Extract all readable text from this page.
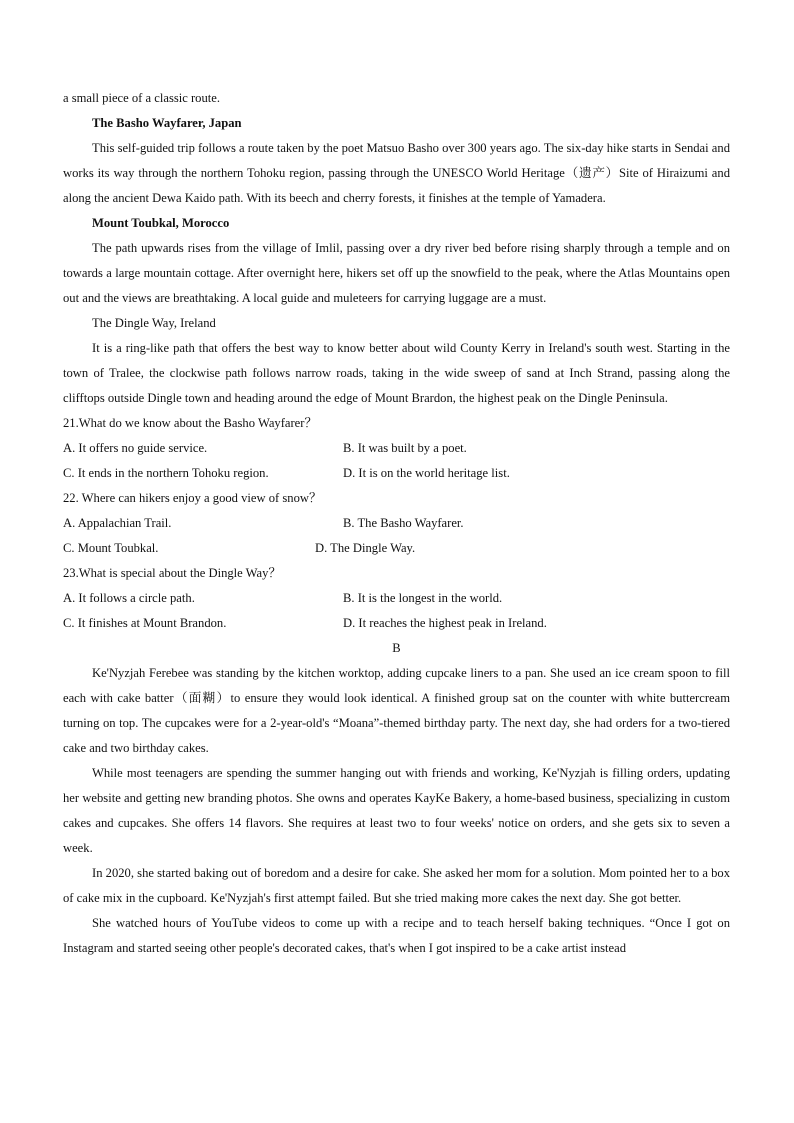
a small piece of a classic route.

The Basho Wayfarer, Japan

This self-guided trip follows a route taken by the poet Matsuo Basho over 300 years ago. The six-day hike starts in Sendai and works its way through the northern Tohoku region, passing through the UNESCO World Heritage（遗产）Site of Hiraizumi and along the ancient Dewa Kaido path. With its beech and cherry forests, it finishes at the temple of Yamadera.

Mount Toubkal, Morocco

The path upwards rises from the village of Imlil, passing over a dry river bed before rising sharply through a temple and on towards a large mountain cottage. After overnight here, hikers set off up the snowfield to the peak, where the Atlas Mountains open out and the views are breathtaking. A local guide and muleteers for carrying luggage are a must.

The Dingle Way, Ireland

It is a ring-like path that offers the best way to know better about wild County Kerry in Ireland's south west. Starting in the town of Tralee, the clockwise path follows narrow roads, taking in the wide sweep of sand at Inch Strand, passing along the clifftops outside Dingle town and heading around the edge of Mount Brardon, the highest peak on the Dingle Peninsula.

21.What do we know about the Basho Wayfarer？

A. It offers no guide service.	B. It was built by a poet.
C. It ends in the northern Tohoku region.	D. It is on the world heritage list.

22. Where can hikers enjoy a good view of snow？

A. Appalachian Trail.	B. The Basho Wayfarer.
C. Mount Toubkal.	D. The Dingle Way.

23.What is special about the Dingle Way？

A. It follows a circle path.	B. It is the longest in the world.
C. It finishes at Mount Brandon.	D. It reaches the highest peak in Ireland.

B

Ke'Nyzjah Ferebee was standing by the kitchen worktop, adding cupcake liners to a pan. She used an ice cream spoon to fill each with cake batter（面糊）to ensure they would look identical. A finished group sat on the counter with white buttercream turning on top. The cupcakes were for a 2-year-old's “Moana”-themed birthday party. The next day, she had orders for a two-tiered cake and two birthday cakes.

While most teenagers are spending the summer hanging out with friends and working, Ke'Nyzjah is filling orders, updating her website and getting new branding photos. She owns and operates KayKe Bakery, a home-based business, specializing in custom cakes and cupcakes. She offers 14 flavors. She requires at least two to four weeks' notice on orders, and she gets six to seven a week.

In 2020, she started baking out of boredom and a desire for cake. She asked her mom for a solution. Mom pointed her to a box of cake mix in the cupboard. Ke'Nyzjah's first attempt failed. But she tried making more cakes the next day. She got better.

She watched hours of YouTube videos to come up with a recipe and to teach herself baking techniques. “Once I got on Instagram and started seeing other people's decorated cakes, that's when I got inspired to be a cake artist instead
